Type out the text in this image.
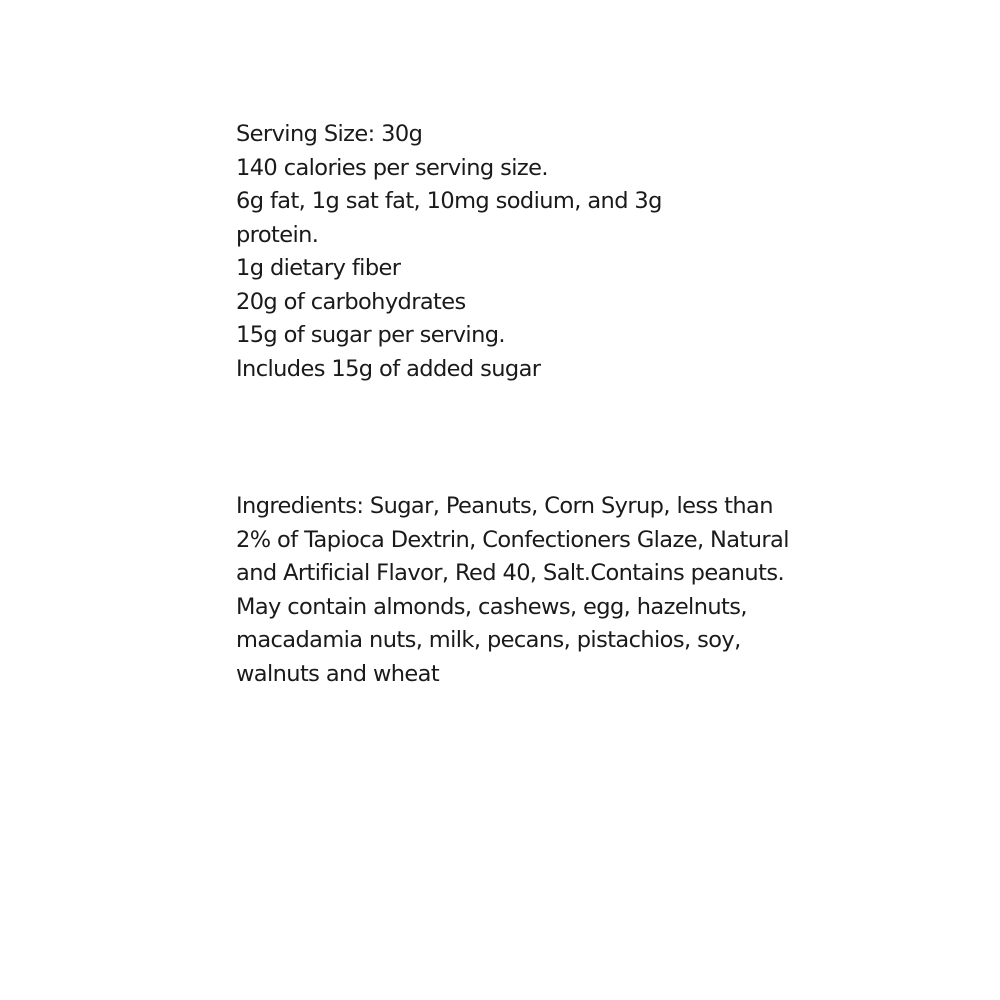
Serving Size: 30g
140 calories per serving size.
6g fat, 1g sat fat, 10mg sodium, and 3g
protein.
1g dietary fiber
20g of carbohydrates
15g of sugar per serving.
Includes 15g of added sugar
Ingredients: Sugar, Peanuts, Corn Syrup, less than
2% of Tapioca Dextrin, Confectioners Glaze, Natural
and Artificial Flavor, Red 40, Salt.Contains peanuts.
May contain almonds, cashews, egg, hazelnuts,
macadamia nuts, milk, pecans, pistachios, soy,
walnuts and wheat
